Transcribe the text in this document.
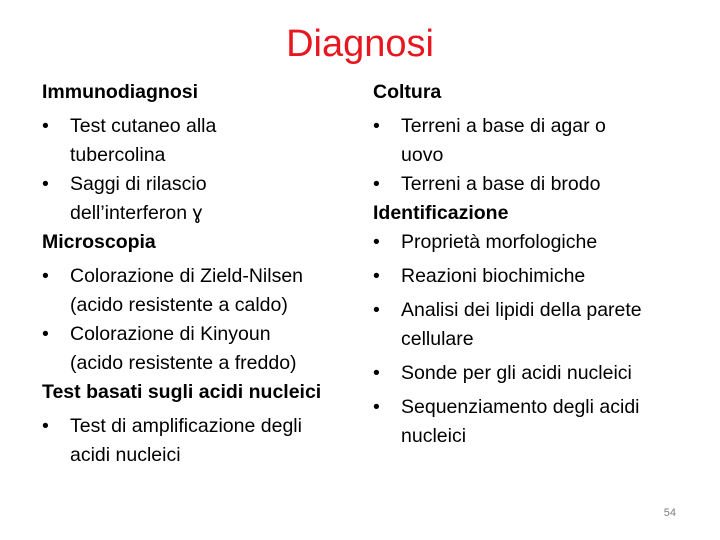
Diagnosi
Immunodiagnosi
• Test cutaneo alla
tubercolina
• Saggi di rilascio
dell’interferon ɣ
Microscopia
• Colorazione di Zield-Nilsen
(acido resistente a caldo)
• Colorazione di Kinyoun
(acido resistente a freddo)
Test basati sugli acidi nucleici
• Test di amplificazione degli
acidi nucleici
Coltura
• Terreni a base di agar o
uovo
• Terreni a base di brodo
Identificazione
• Proprietà morfologiche
• Reazioni biochimiche
• Analisi dei lipidi della parete
cellulare
• Sonde per gli acidi nucleici
• Sequenziamento degli acidi
nucleici
54
